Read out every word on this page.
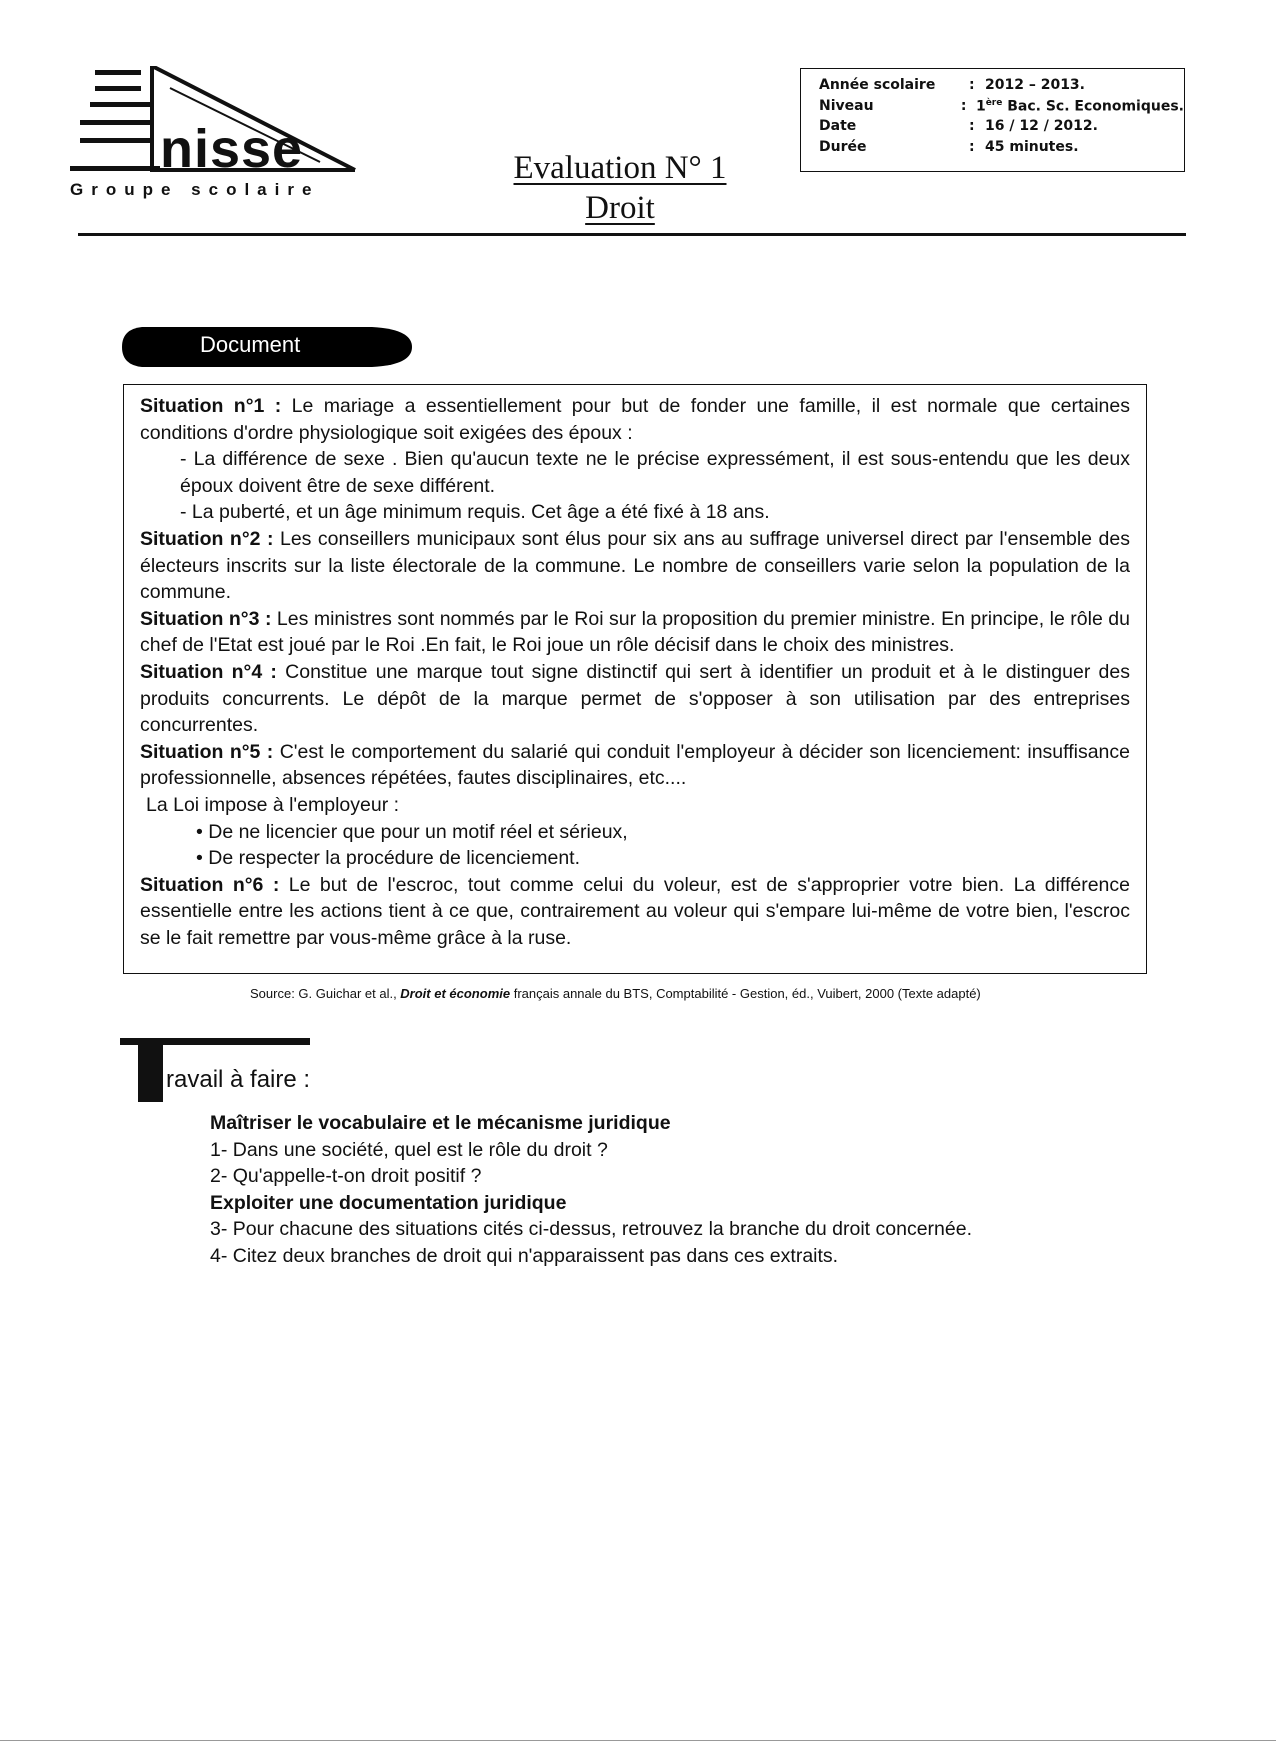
nisse
Groupe scolaire
Evaluation N° 1
Droit
Année scolaire	: 2012 – 2013.
Niveau	: 1ère Bac. Sc. Economiques.
Date	: 16 / 12 / 2012.
Durée	: 45 minutes.
Document

Situation n°1 : Le mariage a essentiellement pour but de fonder une famille, il est normale que certaines conditions d'ordre physiologique soit exigées des époux :

- La différence de sexe . Bien qu'aucun texte ne le précise expressément, il est sous-entendu que les deux époux doivent être de sexe différent.

- La puberté, et un âge minimum requis. Cet âge a été fixé à 18 ans.

Situation n°2 : Les conseillers municipaux sont élus pour six ans au suffrage universel direct par l'ensemble des électeurs inscrits sur la liste électorale de la commune. Le nombre de conseillers varie selon la population de la commune.

Situation n°3 : Les ministres sont nommés par le Roi sur la proposition du premier ministre. En principe, le rôle du chef de l'Etat est joué par le Roi .En fait, le Roi joue un rôle décisif dans le choix des ministres.

Situation n°4 : Constitue une marque tout signe distinctif qui sert à identifier un produit et à le distinguer des produits concurrents. Le dépôt de la marque permet de s'opposer à son utilisation par des entreprises concurrentes.

Situation n°5 : C'est le comportement du salarié qui conduit l'employeur à décider son licenciement: insuffisance professionnelle, absences répétées, fautes disciplinaires, etc....

La Loi impose à l'employeur :

• De ne licencier que pour un motif réel et sérieux,

• De respecter la procédure de licenciement.

Situation n°6 : Le but de l'escroc, tout comme celui du voleur, est de s'approprier votre bien. La différence essentielle entre les actions tient à ce que, contrairement au voleur qui s'empare lui-même de votre bien, l'escroc se le fait remettre par vous-même grâce à la ruse.

Source: G. Guichar et al., Droit et économie français annale du BTS, Comptabilité - Gestion, éd., Vuibert, 2000 (Texte adapté)
ravail à faire :
Maîtriser le vocabulaire et le mécanisme juridique
1- Dans une société, quel est le rôle du droit ?
2- Qu'appelle-t-on droit positif ?
Exploiter une documentation juridique
3- Pour chacune des situations cités ci-dessus, retrouvez la branche du droit concernée.
4- Citez deux branches de droit qui n'apparaissent pas dans ces extraits.
